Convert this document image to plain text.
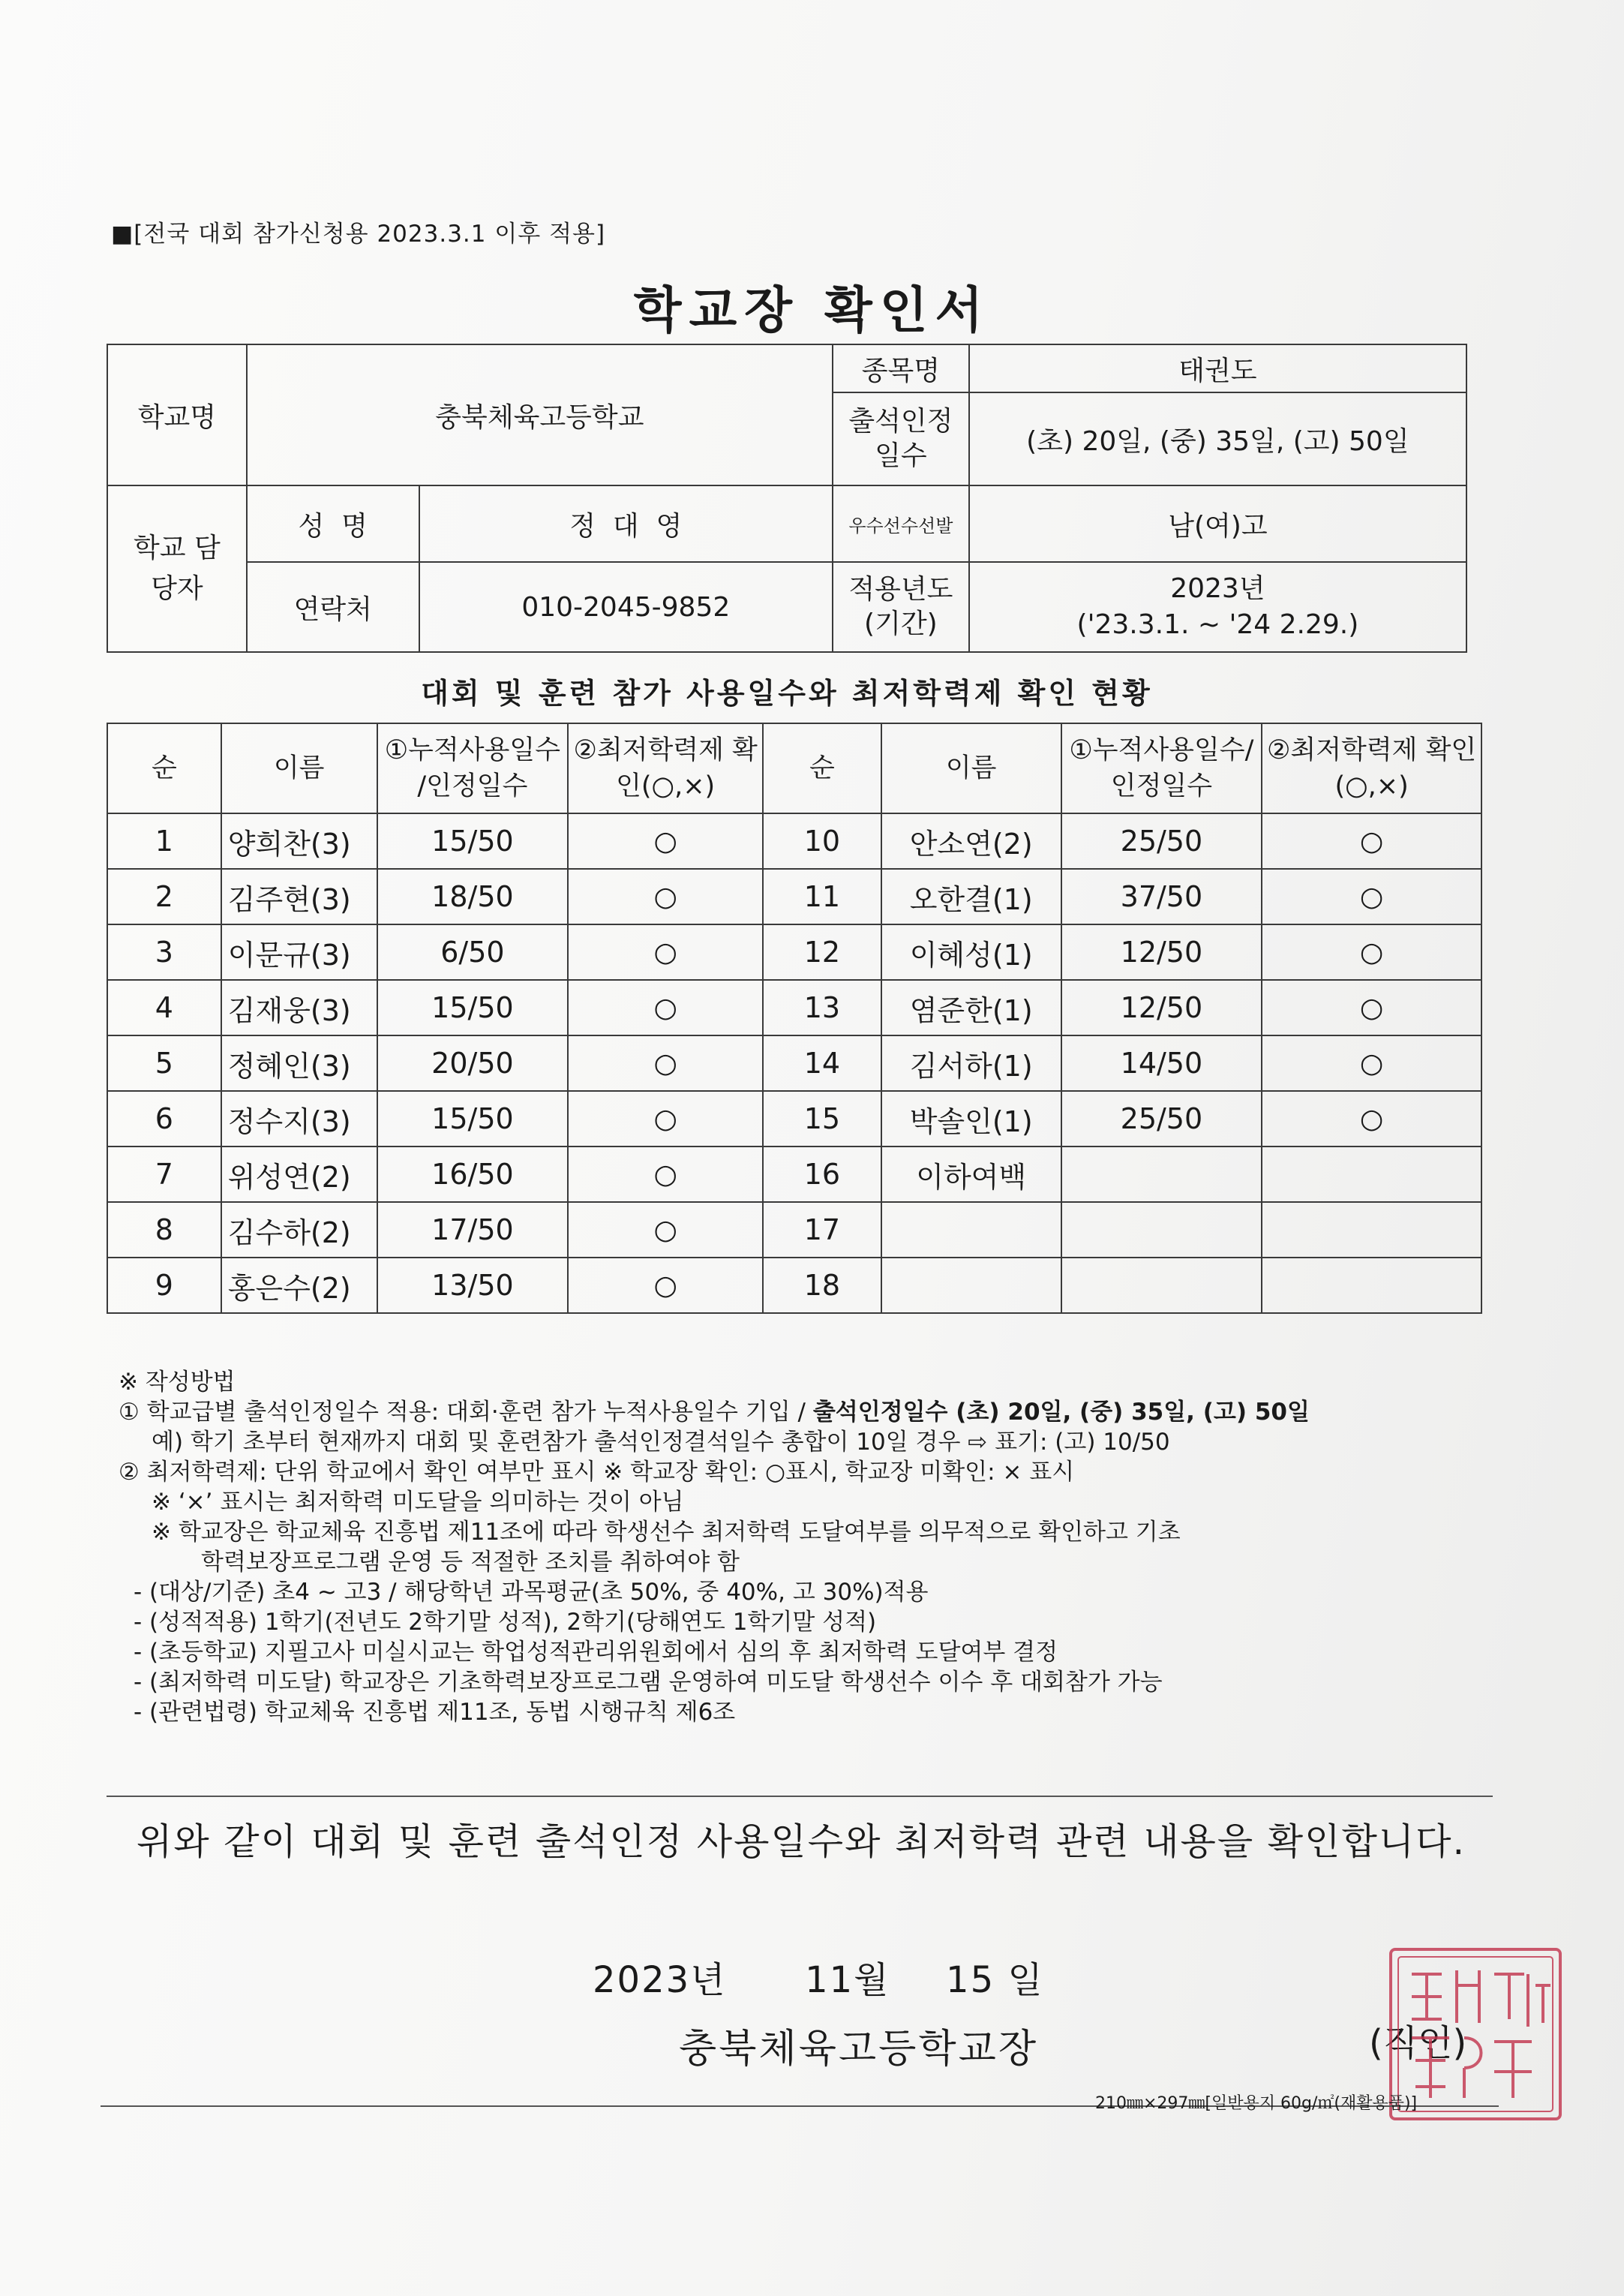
■[전국 대회 참가신청용 2023.3.1 이후 적용]
학교장 확인서
학교명	충북체육고등학교		종목명	태권도
			출석인정 일수	(초) 20일, (중) 35일, (고) 50일
학교 담당자	성  명	정  대  영	우수선수선발	남(여)고
	연락처	010-2045-9852	적용년도 (기간)	2023년
('23.3.1. ~ '24 2.29.)
대회 및 훈련 참가 사용일수와 최저학력제 확인 현황
순	이름	①누적사용일수 /인정일수	②최저학력제 확인(○,×)	순	이름	①누적사용일수/ 인정일수	②최저학력제 확인(○,×)
1	양희찬(3)	15/50	○	10	안소연(2)	25/50	○
2	김주현(3)	18/50	○	11	오한결(1)	37/50	○
3	이문규(3)	6/50	○	12	이혜성(1)	12/50	○
4	김재웅(3)	15/50	○	13	염준한(1)	12/50	○
5	정혜인(3)	20/50	○	14	김서하(1)	14/50	○
6	정수지(3)	15/50	○	15	박솔인(1)	25/50	○
7	위성연(2)	16/50	○	16	이하여백		
8	김수하(2)	17/50	○	17			
9	홍은수(2)	13/50	○	18			
※ 작성방법
① 학교급별 출석인정일수 적용: 대회·훈련 참가 누적사용일수 기입 / 출석인정일수 (초) 20일, (중) 35일, (고) 50일
예) 학기 초부터 현재까지 대회 및 훈련참가 출석인정결석일수 총합이 10일 경우 ⇨ 표기: (고) 10/50
② 최저학력제: 단위 학교에서 확인 여부만 표시 ※ 학교장 확인: ○표시, 학교장 미확인: × 표시
※ ‘×’ 표시는 최저학력 미도달을 의미하는 것이 아님
※ 학교장은 학교체육 진흥법 제11조에 따라 학생선수 최저학력 도달여부를 의무적으로 확인하고 기초
학력보장프로그램 운영 등 적절한 조치를 취하여야 함
- (대상/기준) 초4 ~ 고3 / 해당학년 과목평균(초 50%, 중 40%, 고 30%)적용
- (성적적용) 1학기(전년도 2학기말 성적), 2학기(당해연도 1학기말 성적)
- (초등학교) 지필고사 미실시교는 학업성적관리위원회에서 심의 후 최저학력 도달여부 결정
- (최저학력 미도달) 학교장은 기초학력보장프로그램 운영하여 미도달 학생선수 이수 후 대회참가 가능
- (관련법령) 학교체육 진흥법 제11조, 동법 시행규칙 제6조
위와 같이 대회 및 훈련 출석인정 사용일수와 최저학력 관련 내용을 확인합니다.
2023년 11월 15 일
충북체육고등학교장	(직인)
210㎜×297㎜[일반용지 60g/㎡(재활용품)]
